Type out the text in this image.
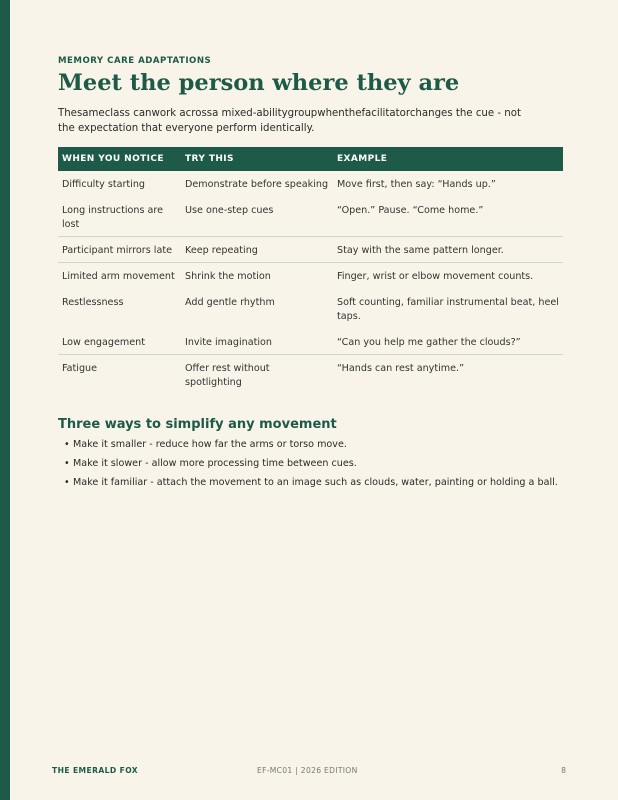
MEMORY CARE ADAPTATIONS
Meet the person where they are

Thesameclass canwork acrossa mixed-abilitygroupwhenthefacilitatorchanges the cue - not the expectation that everyone perform identically.

WHEN YOU NOTICE	TRY THIS	EXAMPLE
Difficulty starting	Demonstrate before speaking	Move first, then say: “Hands up.”
Long instructions are lost	Use one-step cues	“Open.” Pause. “Come home.”
Participant mirrors late	Keep repeating	Stay with the same pattern longer.
Limited arm movement	Shrink the motion	Finger, wrist or elbow movement counts.
Restlessness	Add gentle rhythm	Soft counting, familiar instrumental beat, heel taps.
Low engagement	Invite imagination	“Can you help me gather the clouds?”
Fatigue	Offer rest without spotlighting	“Hands can rest anytime.”
Three ways to simplify any movement
• Make it smaller - reduce how far the arms or torso move.
• Make it slower - allow more processing time between cues.
• Make it familiar - attach the movement to an image such as clouds, water, painting or holding a ball.
THE EMERALD FOX	EF-MC01 | 2026 EDITION	8
